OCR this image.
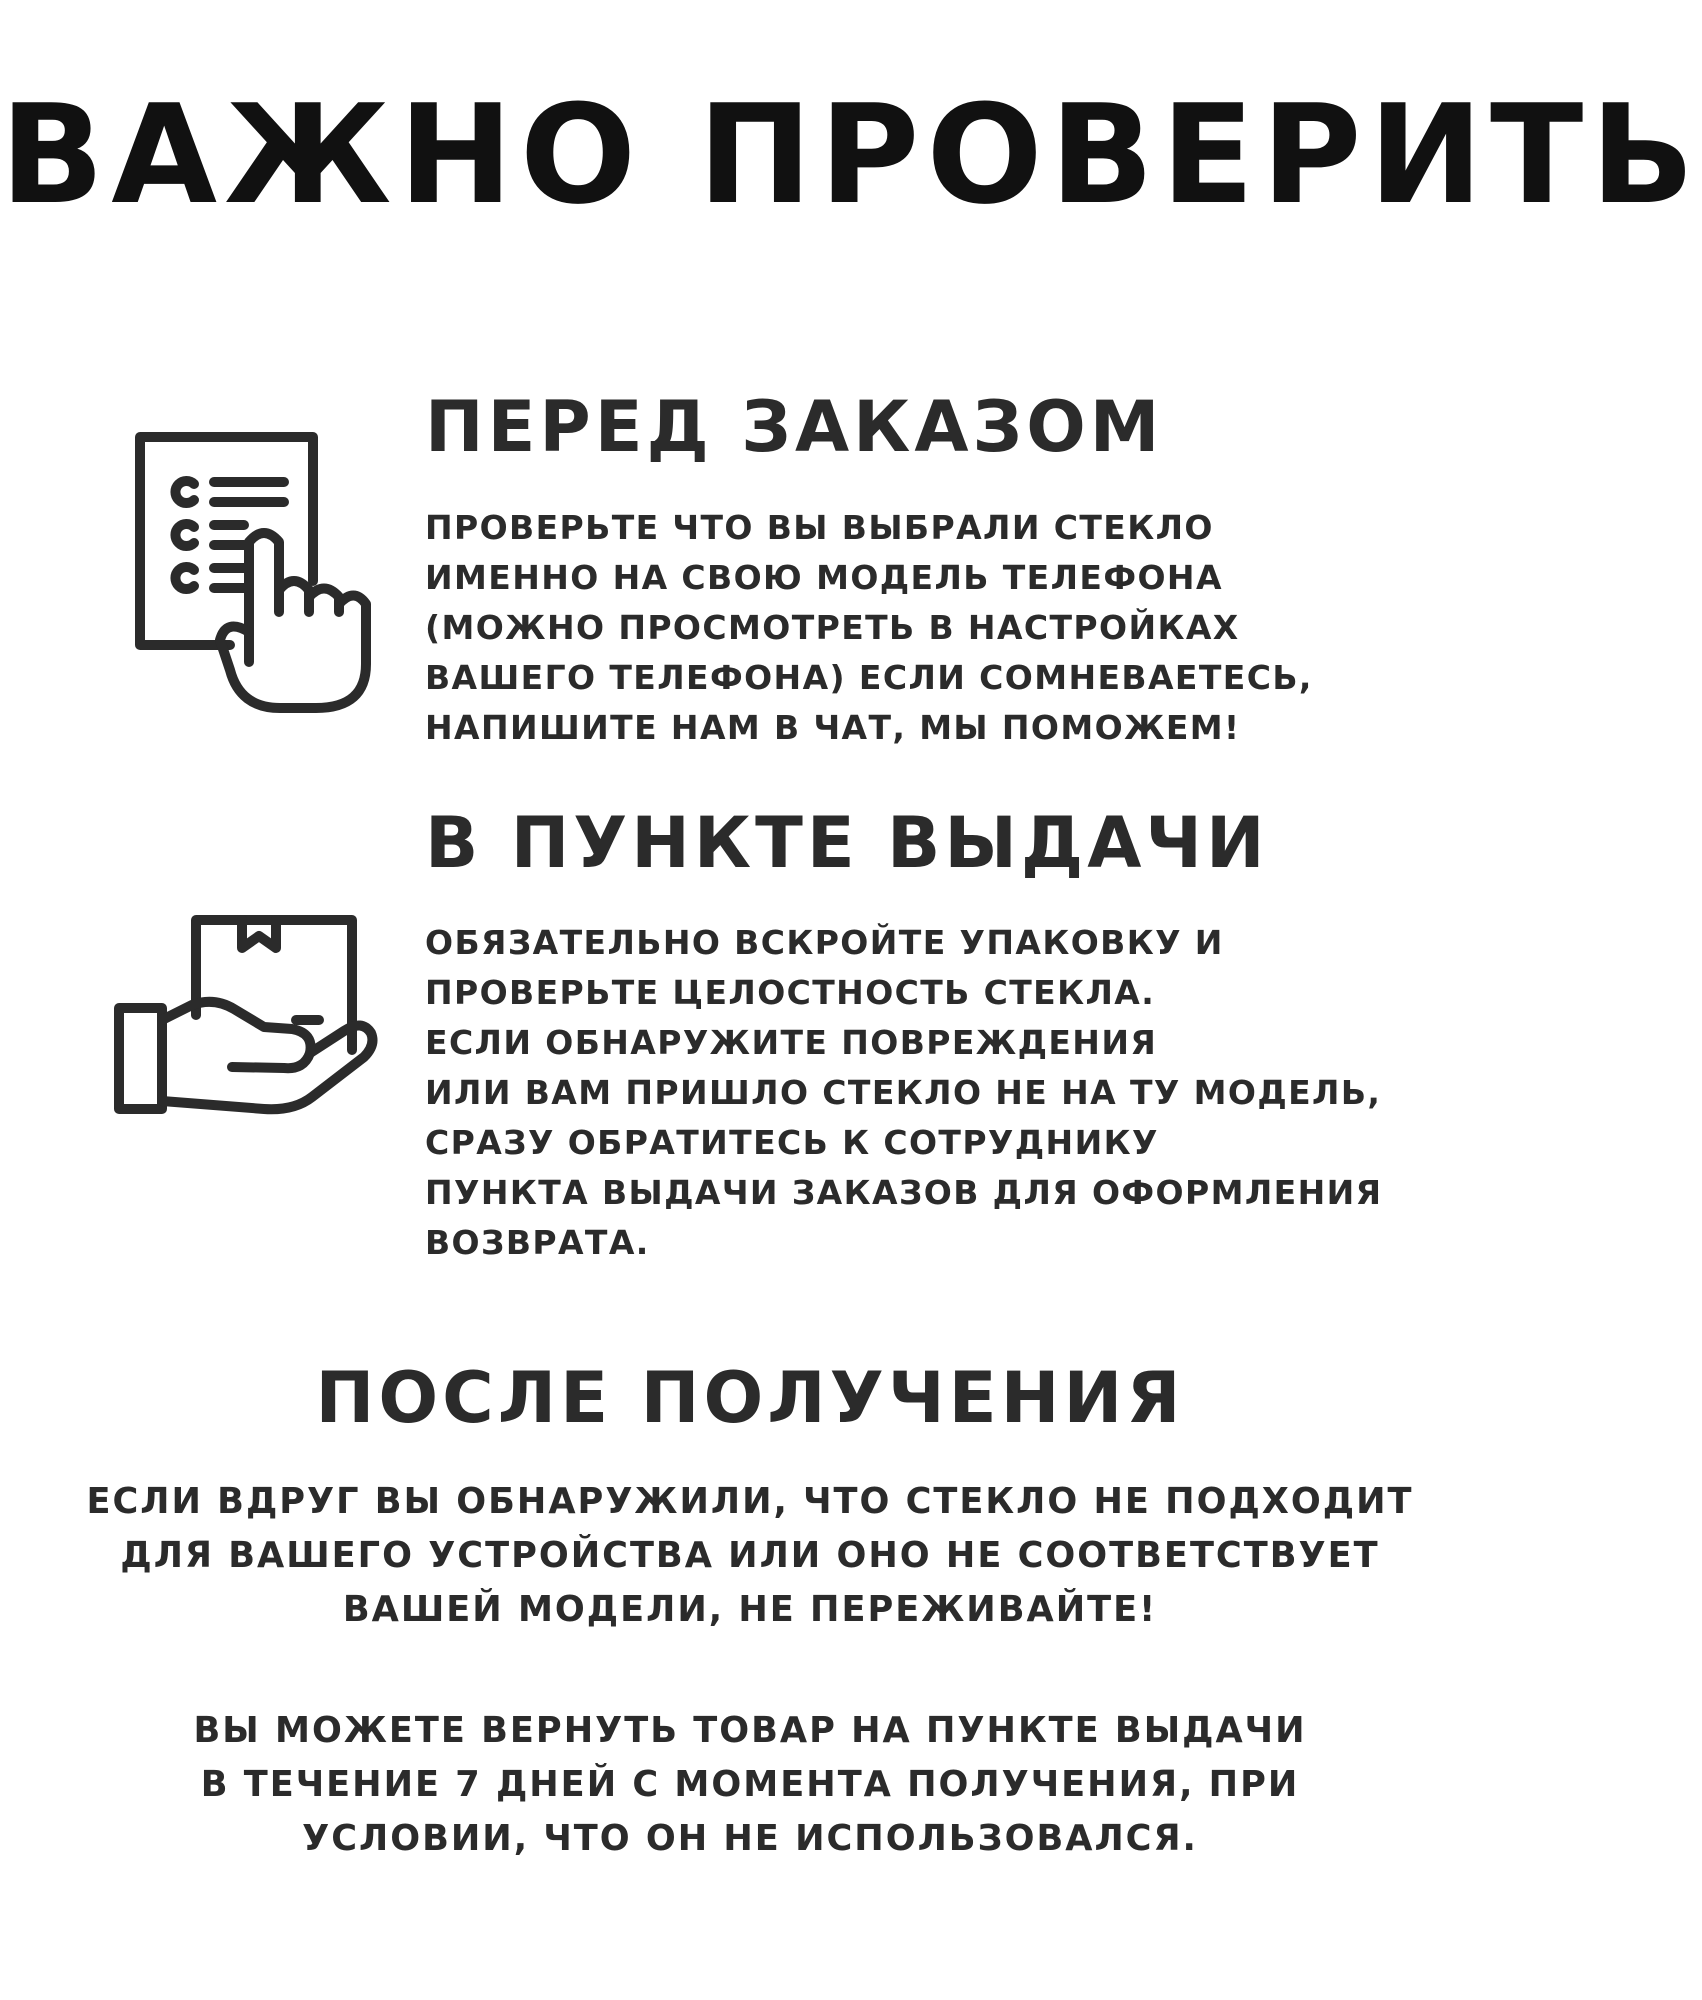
ВАЖНО ПРОВЕРИТЬ
ПЕРЕД ЗАКАЗОМ
ПРОВЕРЬТЕ ЧТО ВЫ ВЫБРАЛИ СТЕКЛО
ИМЕННО НА СВОЮ МОДЕЛЬ ТЕЛЕФОНА
(МОЖНО ПРОСМОТРЕТЬ В НАСТРОЙКАХ
ВАШЕГО ТЕЛЕФОНА) ЕСЛИ СОМНЕВАЕТЕСЬ,
НАПИШИТЕ НАМ В ЧАТ, МЫ ПОМОЖЕМ!
В ПУНКТЕ ВЫДАЧИ
ОБЯЗАТЕЛЬНО ВСКРОЙТЕ УПАКОВКУ И
ПРОВЕРЬТЕ ЦЕЛОСТНОСТЬ СТЕКЛА.
ЕСЛИ ОБНАРУЖИТЕ ПОВРЕЖДЕНИЯ
ИЛИ ВАМ ПРИШЛО СТЕКЛО НЕ НА ТУ МОДЕЛЬ,
СРАЗУ ОБРАТИТЕСЬ К СОТРУДНИКУ
ПУНКТА ВЫДАЧИ ЗАКАЗОВ ДЛЯ ОФОРМЛЕНИЯ
ВОЗВРАТА.
ПОСЛЕ ПОЛУЧЕНИЯ
ЕСЛИ ВДРУГ ВЫ ОБНАРУЖИЛИ, ЧТО СТЕКЛО НЕ ПОДХОДИТ
ДЛЯ ВАШЕГО УСТРОЙСТВА ИЛИ ОНО НЕ СООТВЕТСТВУЕТ
ВАШЕЙ МОДЕЛИ, НЕ ПЕРЕЖИВАЙТЕ!
ВЫ МОЖЕТЕ ВЕРНУТЬ ТОВАР НА ПУНКТЕ ВЫДАЧИ
В ТЕЧЕНИЕ 7 ДНЕЙ С МОМЕНТА ПОЛУЧЕНИЯ, ПРИ
УСЛОВИИ, ЧТО ОН НЕ ИСПОЛЬЗОВАЛСЯ.
